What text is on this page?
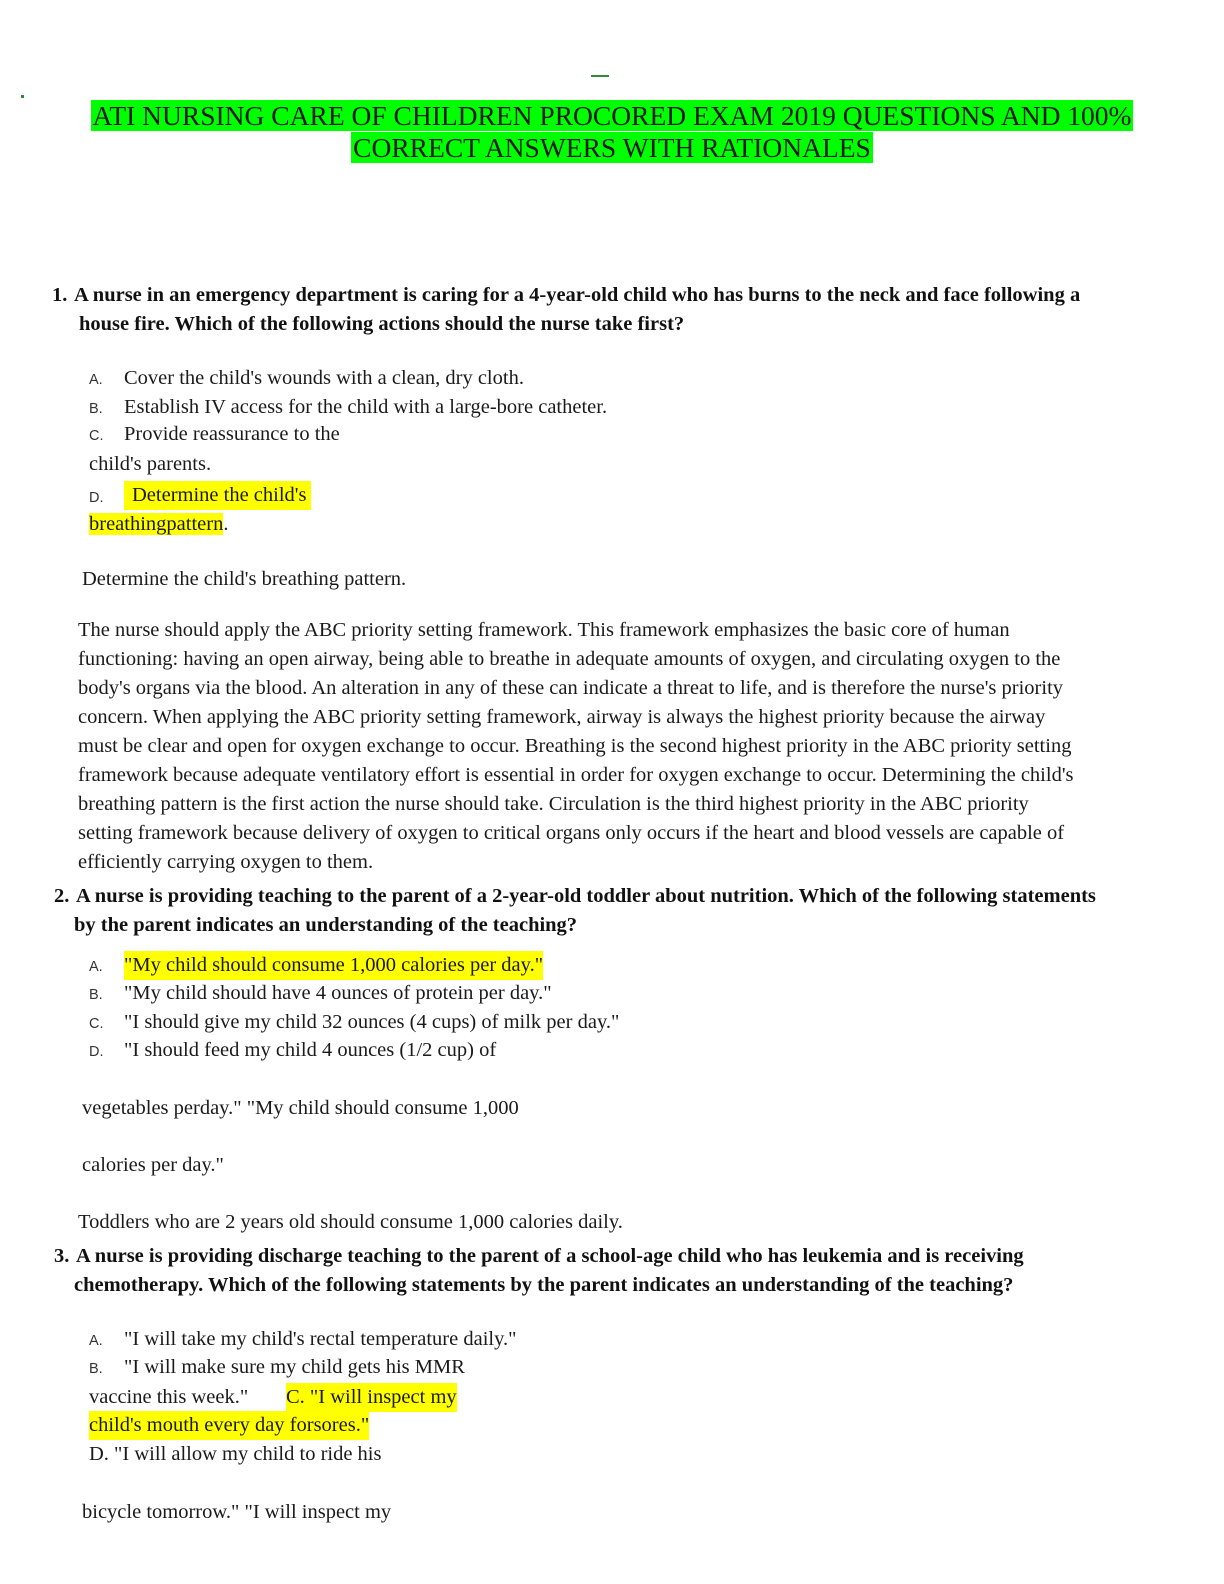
ATI NURSING CARE OF CHILDREN PROCORED EXAM 2019 QUESTIONS AND 100%
CORRECT ANSWERS WITH RATIONALES
1. A nurse in an emergency department is caring for a 4-year-old child who has burns to the neck and face following a
house fire. Which of the following actions should the nurse take first?
A. Cover the child's wounds with a clean, dry cloth.
B. Establish IV access for the child with a large-bore catheter.
C. Provide reassurance to the
child's parents.
D.	Determine the child's
breathingpattern.
Determine the child's breathing pattern.
The nurse should apply the ABC priority setting framework. This framework emphasizes the basic core of human
functioning: having an open airway, being able to breathe in adequate amounts of oxygen, and circulating oxygen to the
body's organs via the blood. An alteration in any of these can indicate a threat to life, and is therefore the nurse's priority
concern. When applying the ABC priority setting framework, airway is always the highest priority because the airway
must be clear and open for oxygen exchange to occur. Breathing is the second highest priority in the ABC priority setting
framework because adequate ventilatory effort is essential in order for oxygen exchange to occur. Determining the child's
breathing pattern is the first action the nurse should take. Circulation is the third highest priority in the ABC priority
setting framework because delivery of oxygen to critical organs only occurs if the heart and blood vessels are capable of
efficiently carrying oxygen to them.
2. A nurse is providing teaching to the parent of a 2-year-old toddler about nutrition. Which of the following statements
by the parent indicates an understanding of the teaching?
A. "My child should consume 1,000 calories per day."
B. "My child should have 4 ounces of protein per day."
C. "I should give my child 32 ounces (4 cups) of milk per day."
D. "I should feed my child 4 ounces (1/2 cup) of
vegetables perday." "My child should consume 1,000
calories per day."
Toddlers who are 2 years old should consume 1,000 calories daily.
3. A nurse is providing discharge teaching to the parent of a school-age child who has leukemia and is receiving
chemotherapy. Which of the following statements by the parent indicates an understanding of the teaching?
A. "I will take my child's rectal temperature daily."
B. "I will make sure my child gets his MMR
vaccine this week." C. "I will inspect my
child's mouth every day forsores."
D. "I will allow my child to ride his
bicycle tomorrow." "I will inspect my
